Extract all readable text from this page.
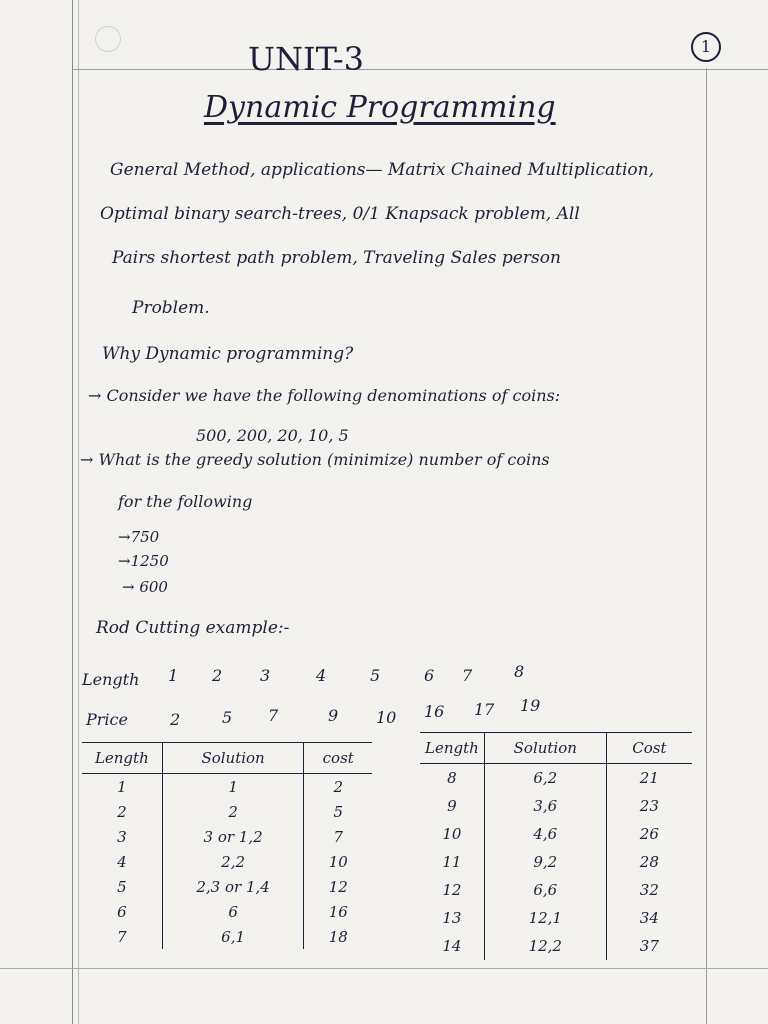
1
UNIT-3
Dynamic Programming
General Method, applications— Matrix Chained Multiplication,
Optimal binary search-trees, 0/1 Knapsack problem, All
Pairs shortest path problem, Traveling Sales person
Problem.
Why Dynamic programming?
→ Consider we have the following denominations of coins:
500, 200, 20, 10, 5
→ What is the greedy solution (minimize) number of coins
for the following
→750
→1250
→ 600
Rod Cutting example:-
Length 1 2 3	4	5	6 7	8
Price	2	5 7	9 10 16 17 19
Length	Solution	cost
1	1	2
2	2	5
3	3 or 1,2	7
4	2,2	10
5	2,3 or 1,4	12
6	6	16
7	6,1	18
Length	Solution	Cost
8	6,2	21
9	3,6	23
10	4,6	26
11	9,2	28
12	6,6	32
13	12,1	34
14	12,2	37
